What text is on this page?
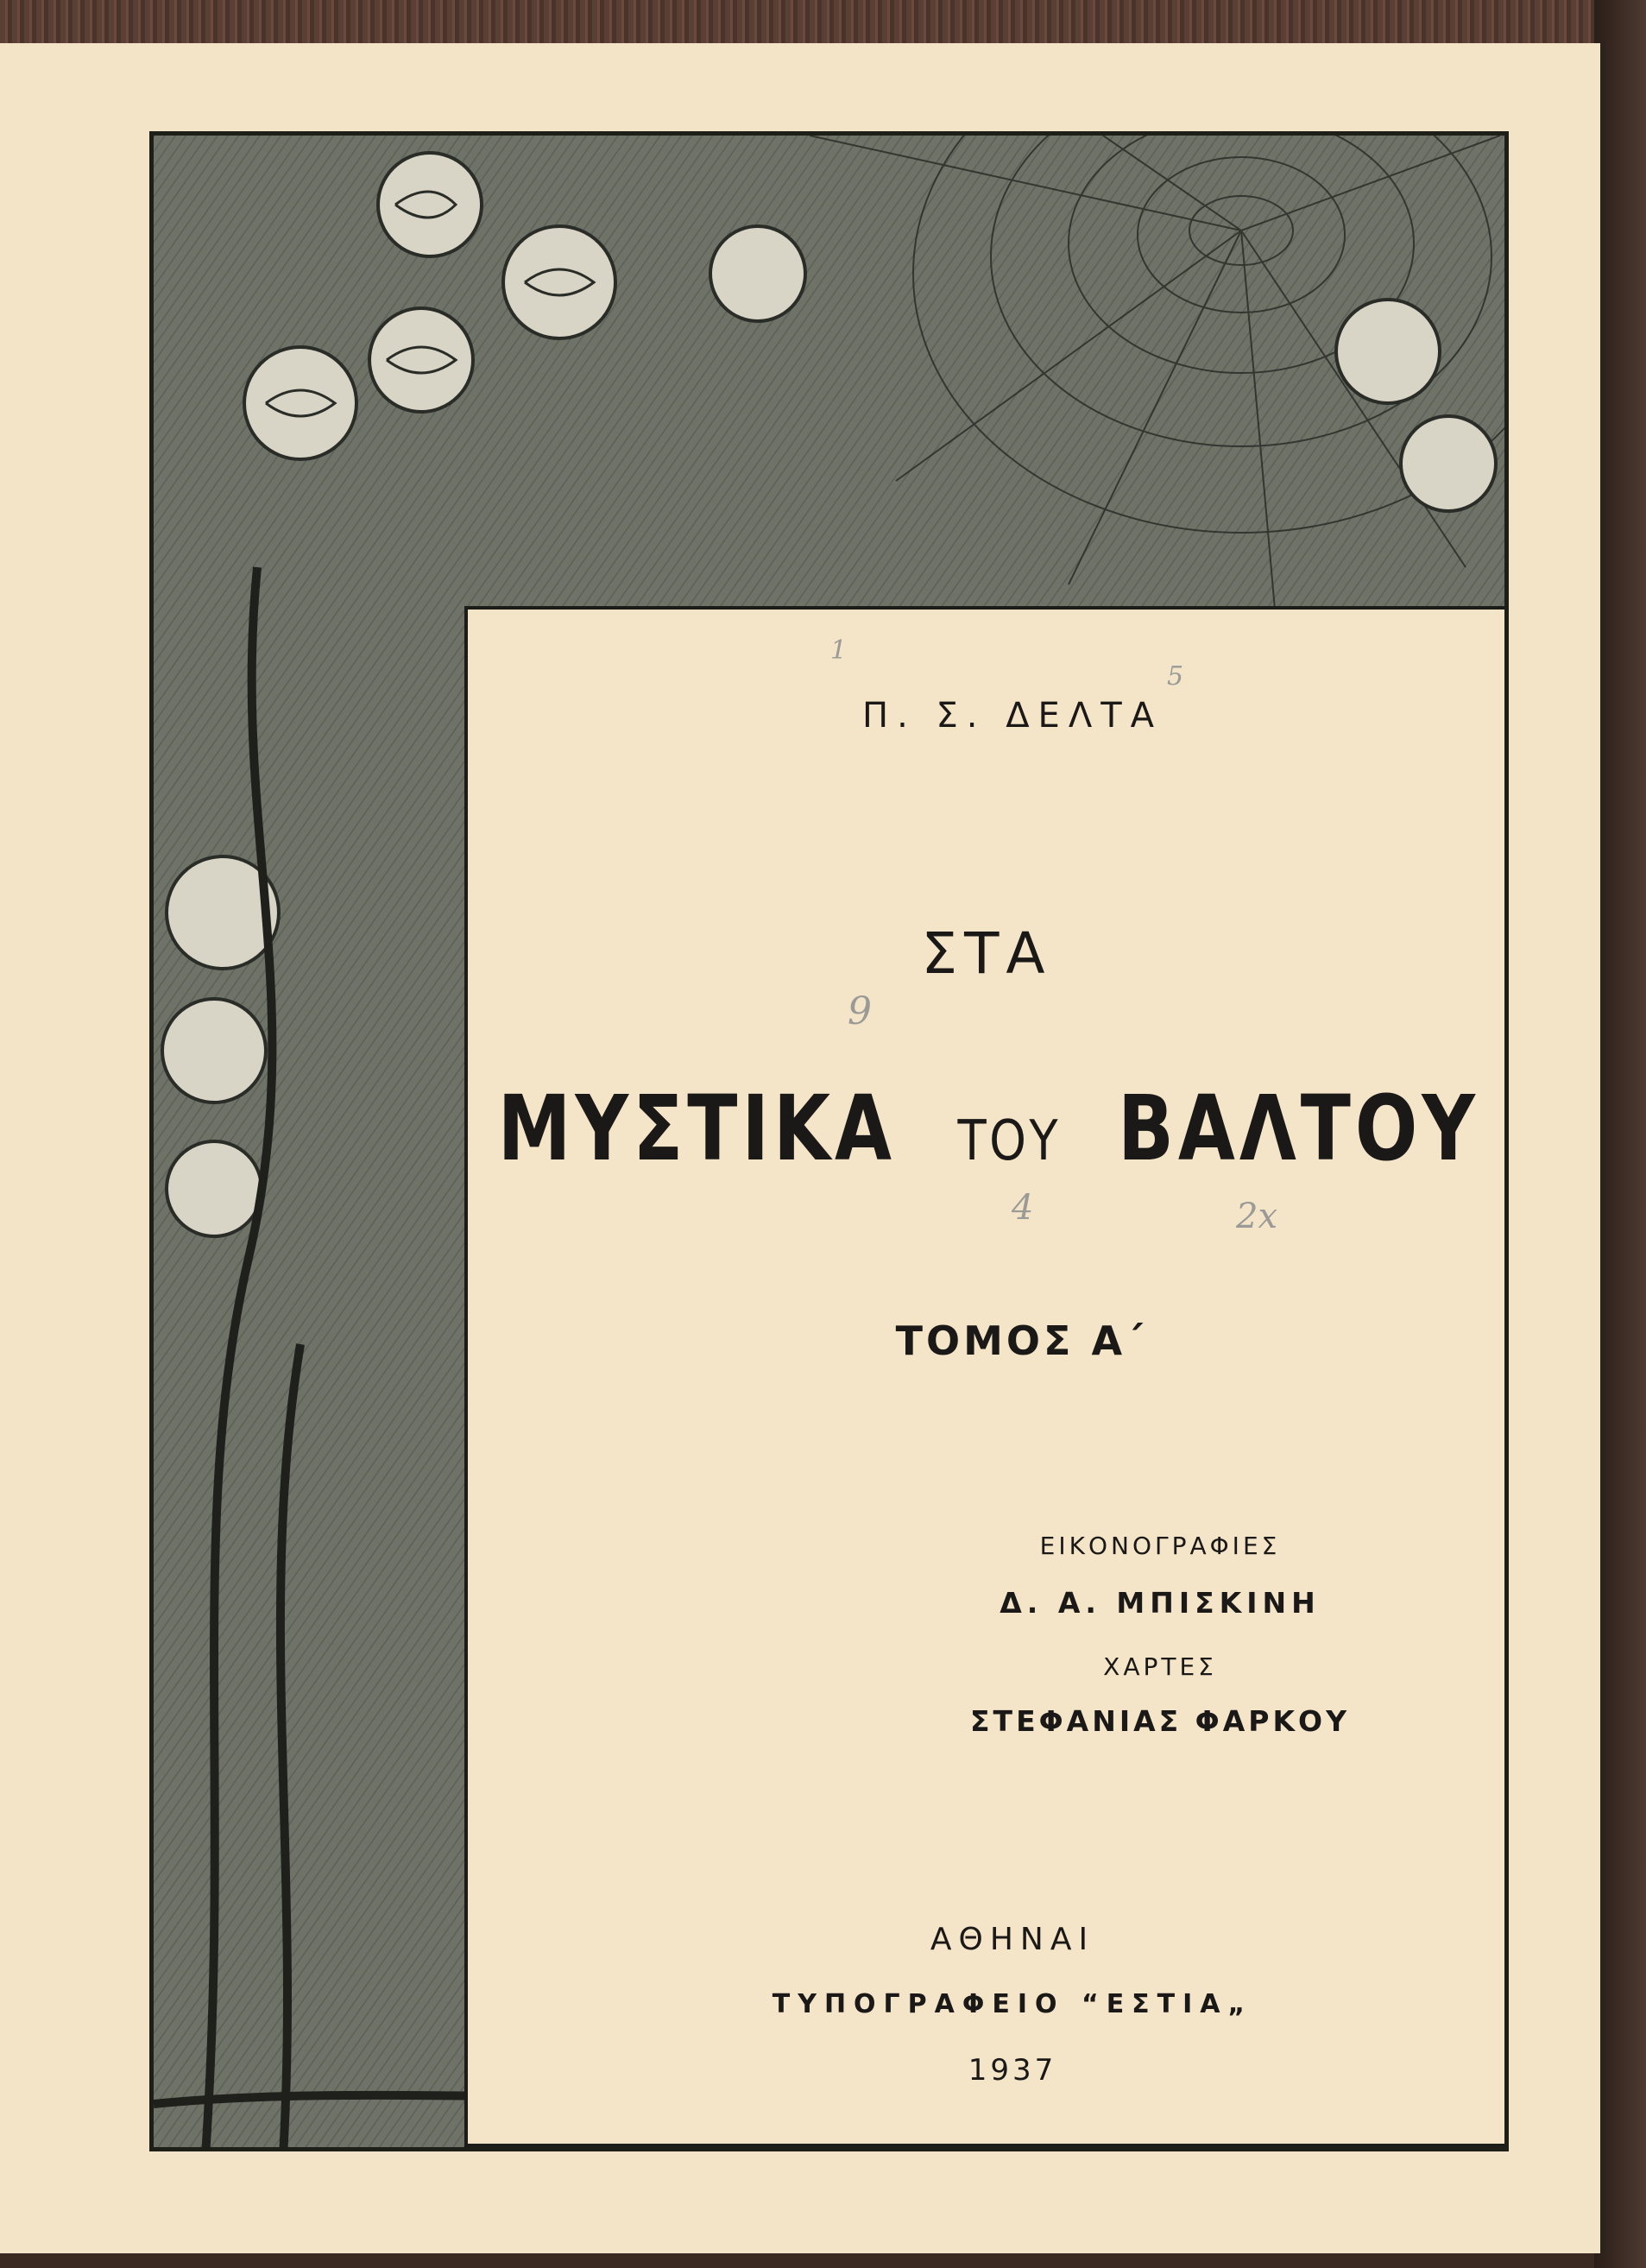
Π. Σ. ΔΕΛΤΑ

ΣΤΑ

ΜΥΣΤΙΚΑ ΤΟΥ ΒΑΛΤΟΥ

ΤΟΜΟΣ Α΄

ΕΙΚΟΝΟΓΡΑΦΙΕΣ

Δ. Α. ΜΠΙΣΚΙΝΗ

ΧΑΡΤΕΣ

ΣΤΕΦΑΝΙΑΣ ΦΑΡΚΟΥ

ΑΘΗΝΑΙ

ΤΥΠΟΓΡΑΦΕΙΟ “ΕΣΤΙΑ„

1937

1
5
9
4	2x
